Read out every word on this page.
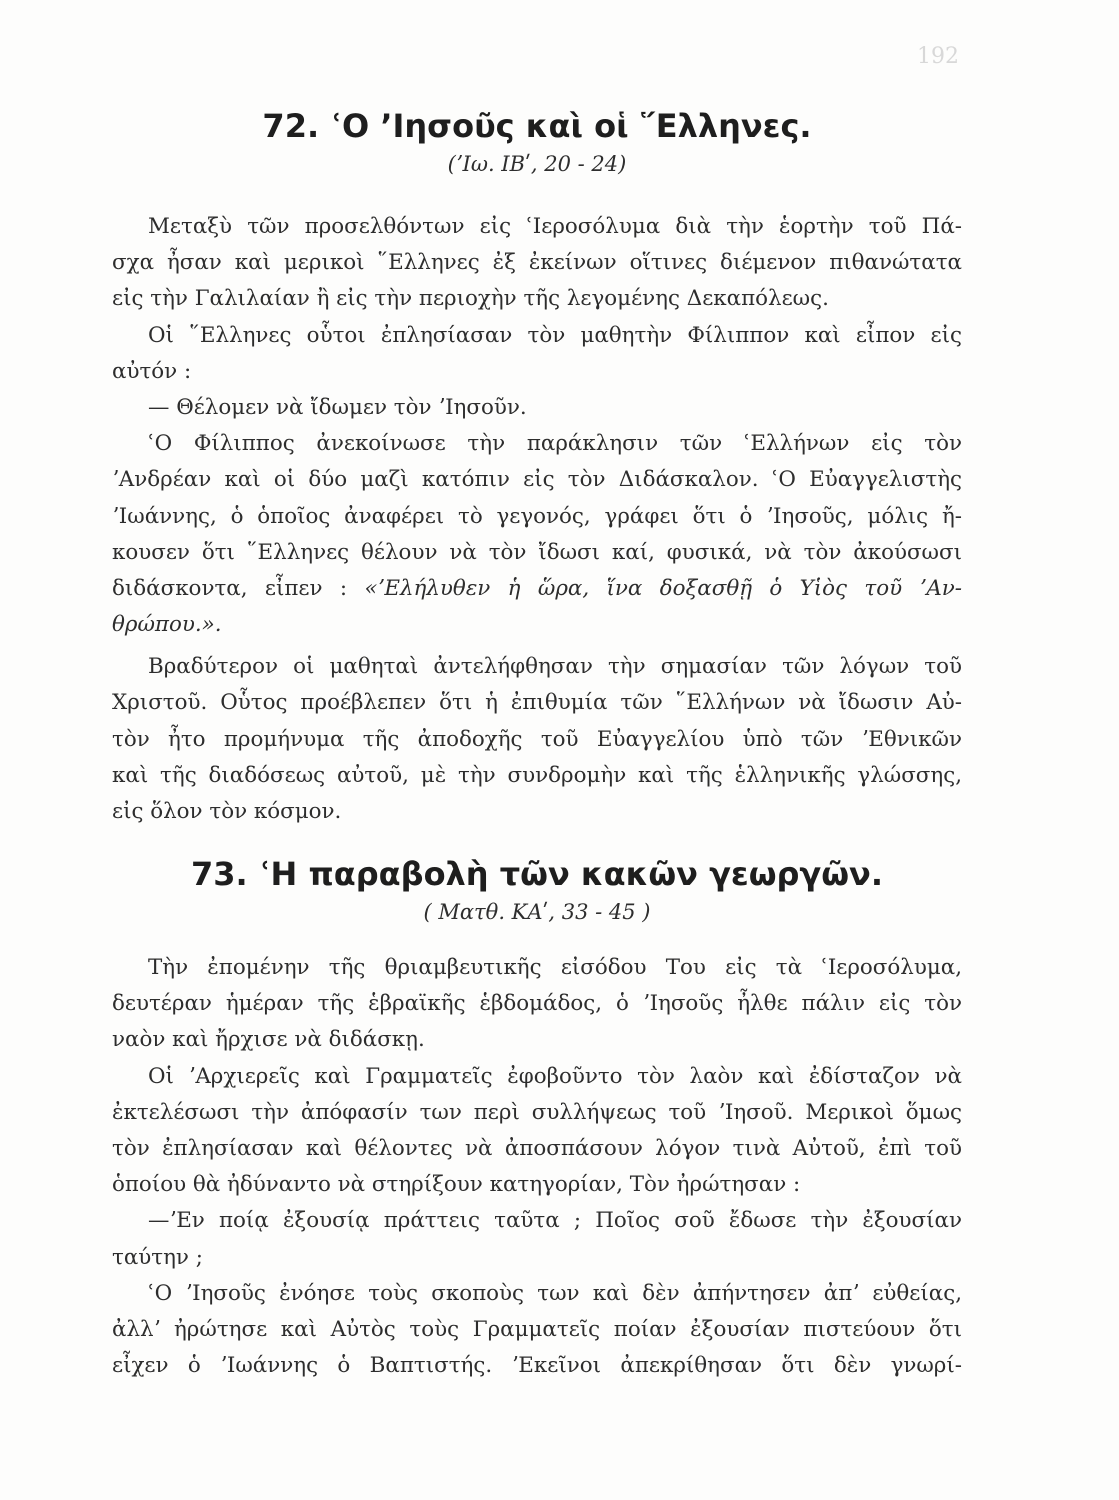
192
72. ʿΟ ʼΙησοῦς καὶ οἱ ῞Ελληνες.
(ʼΙω. ΙΒʹ, 20 - 24)
Μεταξὺ τῶν προσελθόντων εἰς ʿΙεροσόλυμα διὰ τὴν ἑορτὴν τοῦ Πά-
σχα ἦσαν καὶ μερικοὶ ῞Ελληνες ἐξ ἐκείνων οἵτινες διέμενον πιθανώτατα
εἰς τὴν Γαλιλαίαν ἢ εἰς τὴν περιοχὴν τῆς λεγομένης Δεκαπόλεως.
Οἱ ῞Ελληνες οὗτοι ἐπλησίασαν τὸν μαθητὴν Φίλιππον καὶ εἶπον εἰς
αὐτόν :
— Θέλομεν νὰ ἴδωμεν τὸν ʼΙησοῦν.
ʿΟ Φίλιππος ἀνεκοίνωσε τὴν παράκλησιν τῶν ʿΕλλήνων εἰς τὸν
ʼΑνδρέαν καὶ οἱ δύο μαζὶ κατόπιν εἰς τὸν Διδάσκαλον. ʿΟ Εὐαγγελιστὴς
ʼΙωάννης, ὁ ὁποῖος ἀναφέρει τὸ γεγονός, γράφει ὅτι ὁ ʼΙησοῦς, μόλις ἤ-
κουσεν ὅτι ῞Ελληνες θέλουν νὰ τὸν ἴδωσι καί, φυσικά, νὰ τὸν ἀκούσωσι
διδάσκοντα, εἶπεν : «ʼΕλήλυθεν ἡ ὥρα, ἵνα δοξασθῇ ὁ Υἱὸς τοῦ ʼΑν-
θρώπου.».
Βραδύτερον οἱ μαθηταὶ ἀντελήφθησαν τὴν σημασίαν τῶν λόγων τοῦ
Χριστοῦ. Οὗτος προέβλεπεν ὅτι ἡ ἐπιθυμία τῶν ῞Ελλήνων νὰ ἴδωσιν Αὐ-
τὸν ἦτο προμήνυμα τῆς ἀποδοχῆς τοῦ Εὐαγγελίου ὑπὸ τῶν ʼΕθνικῶν
καὶ τῆς διαδόσεως αὐτοῦ, μὲ τὴν συνδρομὴν καὶ τῆς ἑλληνικῆς γλώσσης,
εἰς ὅλον τὸν κόσμον.
73. ʿΗ παραβολὴ τῶν κακῶν γεωργῶν.
( Ματθ. ΚΑʹ, 33 - 45 )
Τὴν ἐπομένην τῆς θριαμβευτικῆς εἰσόδου Του εἰς τὰ ʿΙεροσόλυμα,
δευτέραν ἡμέραν τῆς ἑβραϊκῆς ἑβδομάδος, ὁ ʼΙησοῦς ἦλθε πάλιν εἰς τὸν
ναὸν καὶ ἤρχισε νὰ διδάσκῃ.
Οἱ ʼΑρχιερεῖς καὶ Γραμματεῖς ἐφοβοῦντο τὸν λαὸν καὶ ἐδίσταζον νὰ
ἐκτελέσωσι τὴν ἀπόφασίν των περὶ συλλήψεως τοῦ ʼΙησοῦ. Μερικοὶ ὅμως
τὸν ἐπλησίασαν καὶ θέλοντες νὰ ἀποσπάσουν λόγον τινὰ Αὐτοῦ, ἐπὶ τοῦ
ὁποίου θὰ ἠδύναντο νὰ στηρίξουν κατηγορίαν, Τὸν ἠρώτησαν :
—ʼΕν ποίᾳ ἐξουσίᾳ πράττεις ταῦτα ; Ποῖος σοῦ ἔδωσε τὴν ἐξουσίαν
ταύτην ;
ʿΟ ʼΙησοῦς ἐνόησε τοὺς σκοποὺς των καὶ δὲν ἀπήντησεν ἀπʼ εὐθείας,
ἀλλʼ ἠρώτησε καὶ Αὐτὸς τοὺς Γραμματεῖς ποίαν ἐξουσίαν πιστεύουν ὅτι
εἶχεν ὁ ʼΙωάννης ὁ Βαπτιστής. ʼΕκεῖνοι ἀπεκρίθησαν ὅτι δὲν γνωρί-
